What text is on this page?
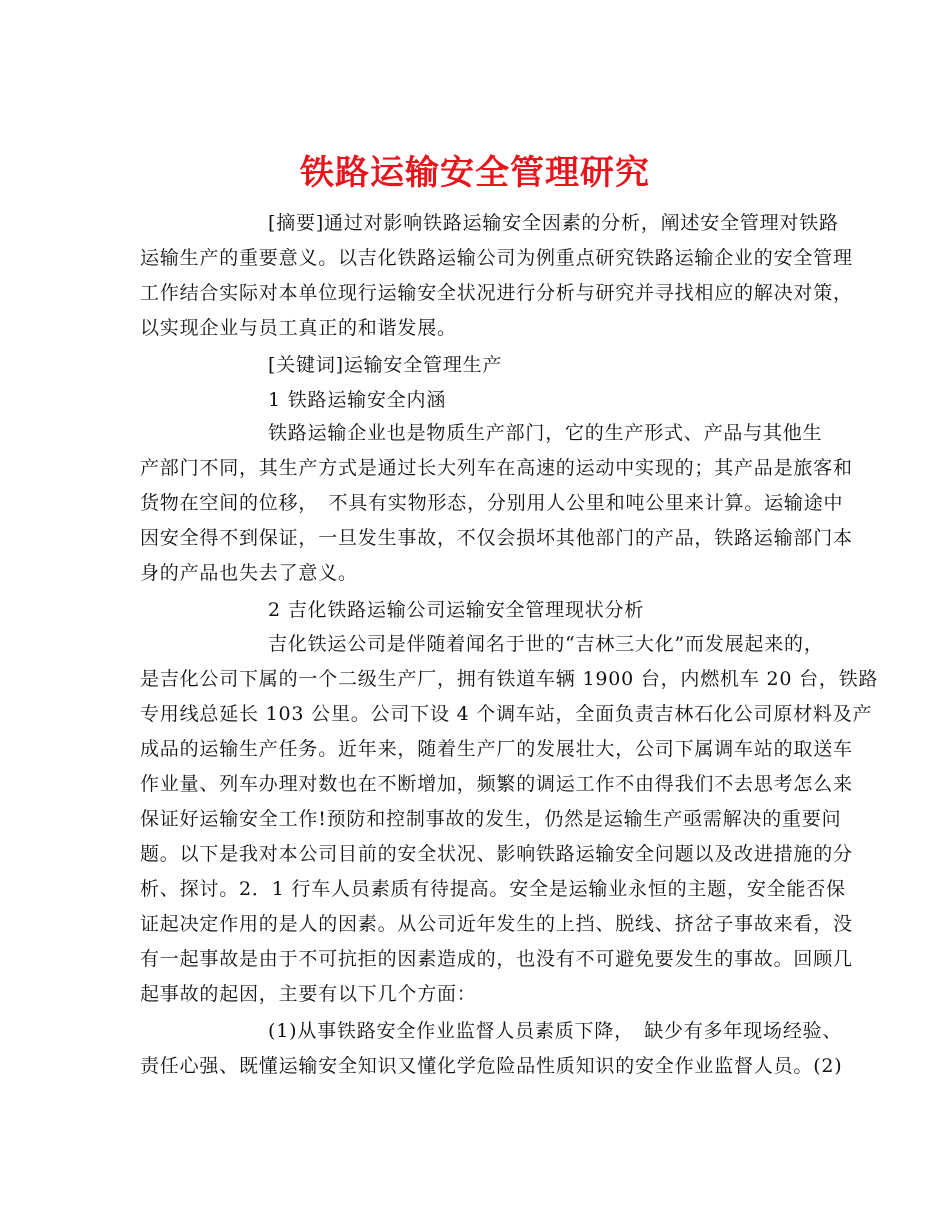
铁路运输安全管理研究
[摘要]通过对影响铁路运输安全因素的分析，阐述安全管理对铁路
运输生产的重要意义。以吉化铁路运输公司为例重点研究铁路运输企业的安全管理
工作结合实际对本单位现行运输安全状况进行分析与研究并寻找相应的解决对策，
以实现企业与员工真正的和谐发展。
[关键词]运输安全管理生产
1 铁路运输安全内涵
铁路运输企业也是物质生产部门，它的生产形式、产品与其他生
产部门不同，其生产方式是通过长大列车在高速的运动中实现的；其产品是旅客和
货物在空间的位移，　不具有实物形态，分别用人公里和吨公里来计算。运输途中
因安全得不到保证，一旦发生事故，不仅会损坏其他部门的产品，铁路运输部门本
身的产品也失去了意义。
2 吉化铁路运输公司运输安全管理现状分析
吉化铁运公司是伴随着闻名于世的“吉林三大化”而发展起来的，
是吉化公司下属的一个二级生产厂，拥有铁道车辆 1900 台，内燃机车 20 台，铁路
专用线总延长 103 公里。公司下设 4 个调车站，全面负责吉林石化公司原材料及产
成品的运输生产任务。近年来，随着生产厂的发展壮大，公司下属调车站的取送车
作业量、列车办理对数也在不断增加，频繁的调运工作不由得我们不去思考怎么来
保证好运输安全工作!预防和控制事故的发生，仍然是运输生产亟需解决的重要问
题。以下是我对本公司目前的安全状况、影响铁路运输安全问题以及改进措施的分
析、探讨。2．1 行车人员素质有待提高。安全是运输业永恒的主题，安全能否保
证起决定作用的是人的因素。从公司近年发生的上挡、脱线、挤岔子事故来看，没
有一起事故是由于不可抗拒的因素造成的，也没有不可避免要发生的事故。回顾几
起事故的起因，主要有以下几个方面：
(1)从事铁路安全作业监督人员素质下降，　缺少有多年现场经验、
责任心强、既懂运输安全知识又懂化学危险品性质知识的安全作业监督人员。(2)
